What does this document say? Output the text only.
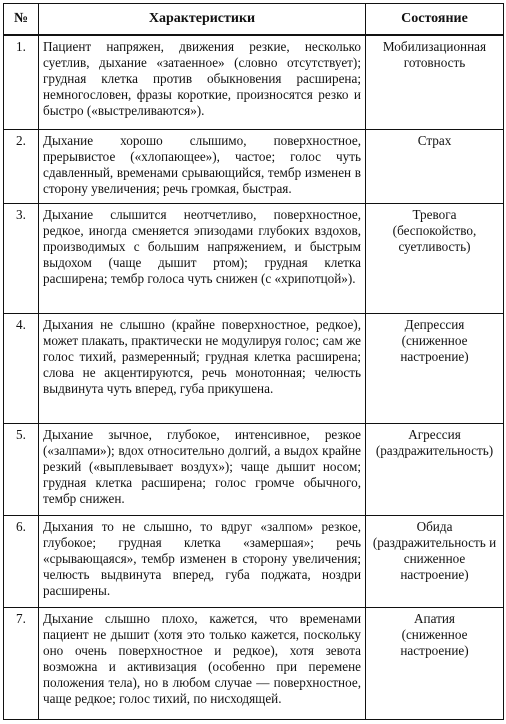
№	Характеристики	Состояние
1.	Пациент напряжен, движения резкие, несколько суетлив, дыхание «затаенное» (словно отсутствует); грудная клетка против обыкновения расширена; немногословен, фразы короткие, произносятся резко и быстро («выстреливаются»).	Мобилизационная готовность
2.	Дыхание хорошо слышимо, поверхностное, прерывистое («хлопающее»), частое; голос чуть сдавленный, временами срывающийся, тембр изменен в сторону увеличения; речь громкая, быстрая.	Страх
3.	Дыхание слышится неотчетливо, поверхностное, редкое, иногда сменяется эпизодами глубоких вздохов, производимых с большим напряжением, и быстрым выдохом (чаще дышит ртом); грудная клетка расширена; тембр голоса чуть снижен (с «хрипотцой»).	Тревога
(беспокойство, суетливость)

4.	Дыхания не слышно (крайне поверхностное, редкое), может плакать, практически не модулируя голос; сам же голос тихий, размеренный; грудная клетка расширена; слова не акцентируются, речь монотонная; челюсть выдвинута чуть вперед, губа прикушена.	Депрессия
(сниженное настроение)

5.	Дыхание зычное, глубокое, интенсивное, резкое («залпами»); вдох относительно долгий, а выдох крайне резкий («выплевывает воздух»); чаще дышит носом; грудная клетка расширена; голос громче обычного, тембр снижен.	Агрессия
(раздражительность)

6.	Дыхания то не слышно, то вдруг «залпом» резкое, глубокое; грудная клетка «замершая»; речь «срывающаяся», тембр изменен в сторону увеличения; челюсть выдвинута вперед, губа поджата, ноздри расширены.	Обида
(раздражительность и сниженное настроение)

7.	Дыхание слышно плохо, кажется, что временами пациент не дышит (хотя это только кажется, поскольку оно очень поверхностное и редкое), хотя зевота возможна и активизация (особенно при перемене положения тела), но в любом случае — поверхностное, чаще редкое; голос тихий, по нисходящей.	Апатия
(сниженное настроение)
